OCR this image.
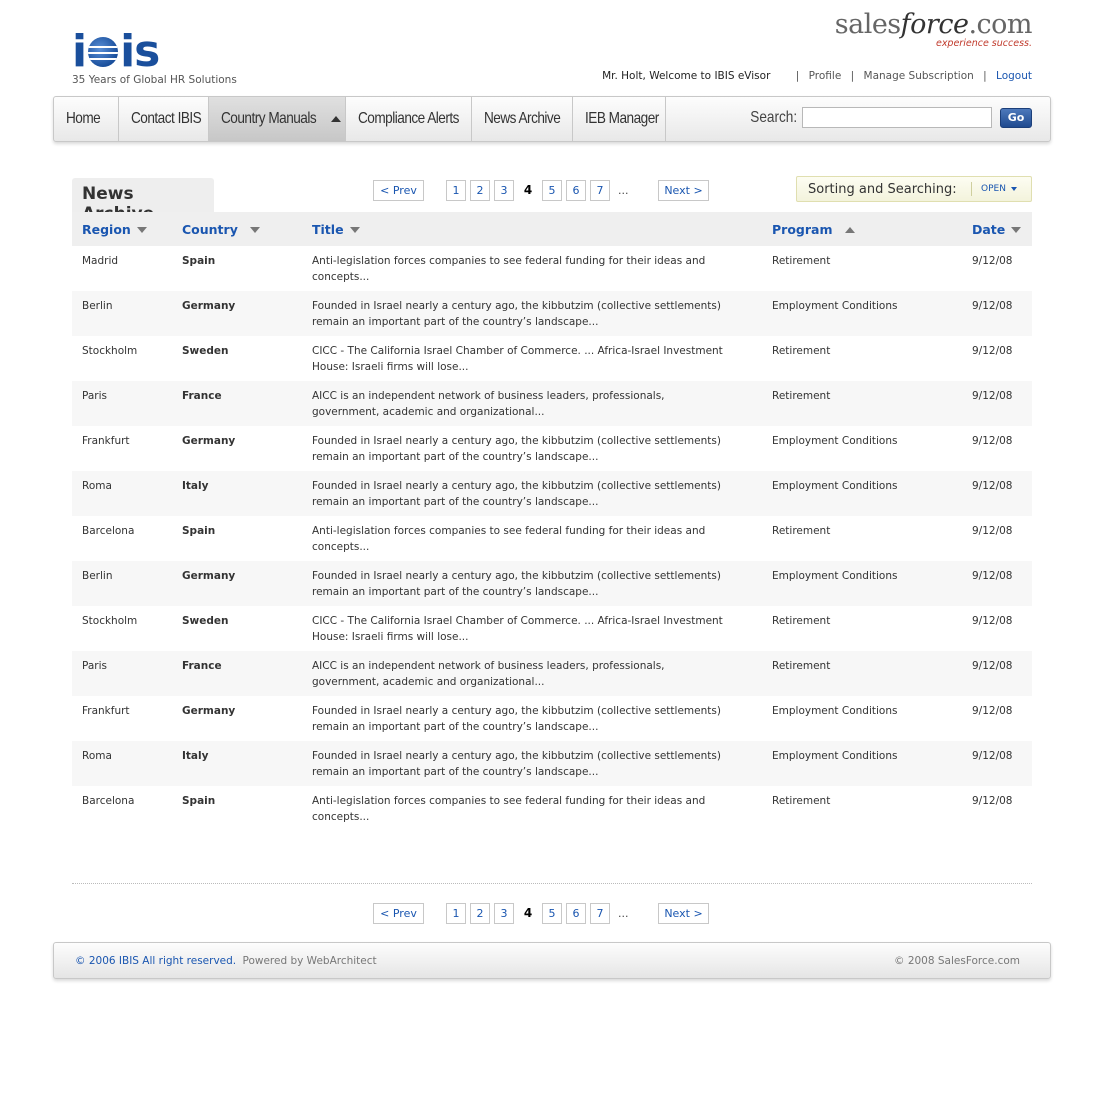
i is
35 Years of Global HR Solutions
salesforce.com
experience success.
Mr. Holt, Welcome to IBIS eVisor | Profile | Manage Subscription | Logout
Home Contact IBIS Country Manuals	Compliance Alerts News Archive IEB Manager	Search:	Go
News	< Prev	1	2	3	4	5	6	7	...	Next >	Sorting and Searching:	OPEN
Region	Country	Title	Program	Date
Madrid	Spain	Anti-legislation forces companies to see federal funding for their ideas and concepts...	Retirement	9/12/08
Berlin	Germany	Founded in Israel nearly a century ago, the kibbutzim (collective settlements) remain an important part of the country’s landscape...	Employment Conditions	9/12/08
Stockholm	Sweden	CICC - The California Israel Chamber of Commerce. ... Africa-Israel Investment House: Israeli firms will lose...	Retirement	9/12/08
Paris	France	AICC is an independent network of business leaders, professionals, government, academic and organizational...	Retirement	9/12/08
Frankfurt	Germany	Founded in Israel nearly a century ago, the kibbutzim (collective settlements) remain an important part of the country’s landscape...	Employment Conditions	9/12/08
Roma	Italy	Founded in Israel nearly a century ago, the kibbutzim (collective settlements) remain an important part of the country’s landscape...	Employment Conditions	9/12/08
Barcelona	Spain	Anti-legislation forces companies to see federal funding for their ideas and concepts...	Retirement	9/12/08
Berlin	Germany	Founded in Israel nearly a century ago, the kibbutzim (collective settlements) remain an important part of the country’s landscape...	Employment Conditions	9/12/08
Stockholm	Sweden	CICC - The California Israel Chamber of Commerce. ... Africa-Israel Investment House: Israeli firms will lose...	Retirement	9/12/08
Paris	France	AICC is an independent network of business leaders, professionals, government, academic and organizational...	Retirement	9/12/08
Frankfurt	Germany	Founded in Israel nearly a century ago, the kibbutzim (collective settlements) remain an important part of the country’s landscape...	Employment Conditions	9/12/08
Roma	Italy	Founded in Israel nearly a century ago, the kibbutzim (collective settlements) remain an important part of the country’s landscape...	Employment Conditions	9/12/08
Barcelona	Spain	Anti-legislation forces companies to see federal funding for their ideas and concepts...	Retirement	9/12/08
< Prev	1	2	3	4	5	6	7	...	Next >
© 2006 IBIS All right reserved. Powered by WebArchitect	© 2008 SalesForce.com
